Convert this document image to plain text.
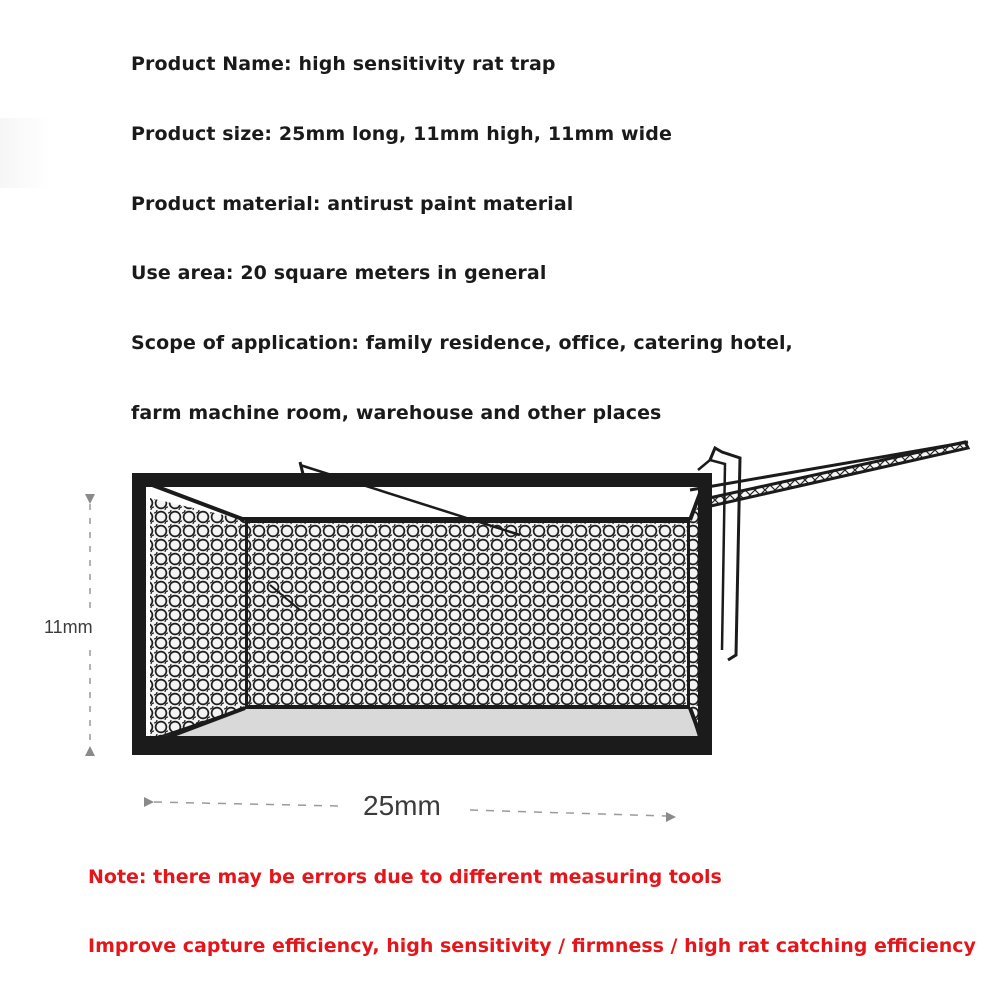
Product Name: high sensitivity rat trap

Product size: 25mm long, 11mm high, 11mm wide

Product material: antirust paint material

Use area: 20 square meters in general

Scope of application: family residence, office, catering hotel,

farm machine room, warehouse and other places

11mm
25mm

Note: there may be errors due to different measuring tools

Improve capture efficiency, high sensitivity / firmness / high rat catching efficiency
